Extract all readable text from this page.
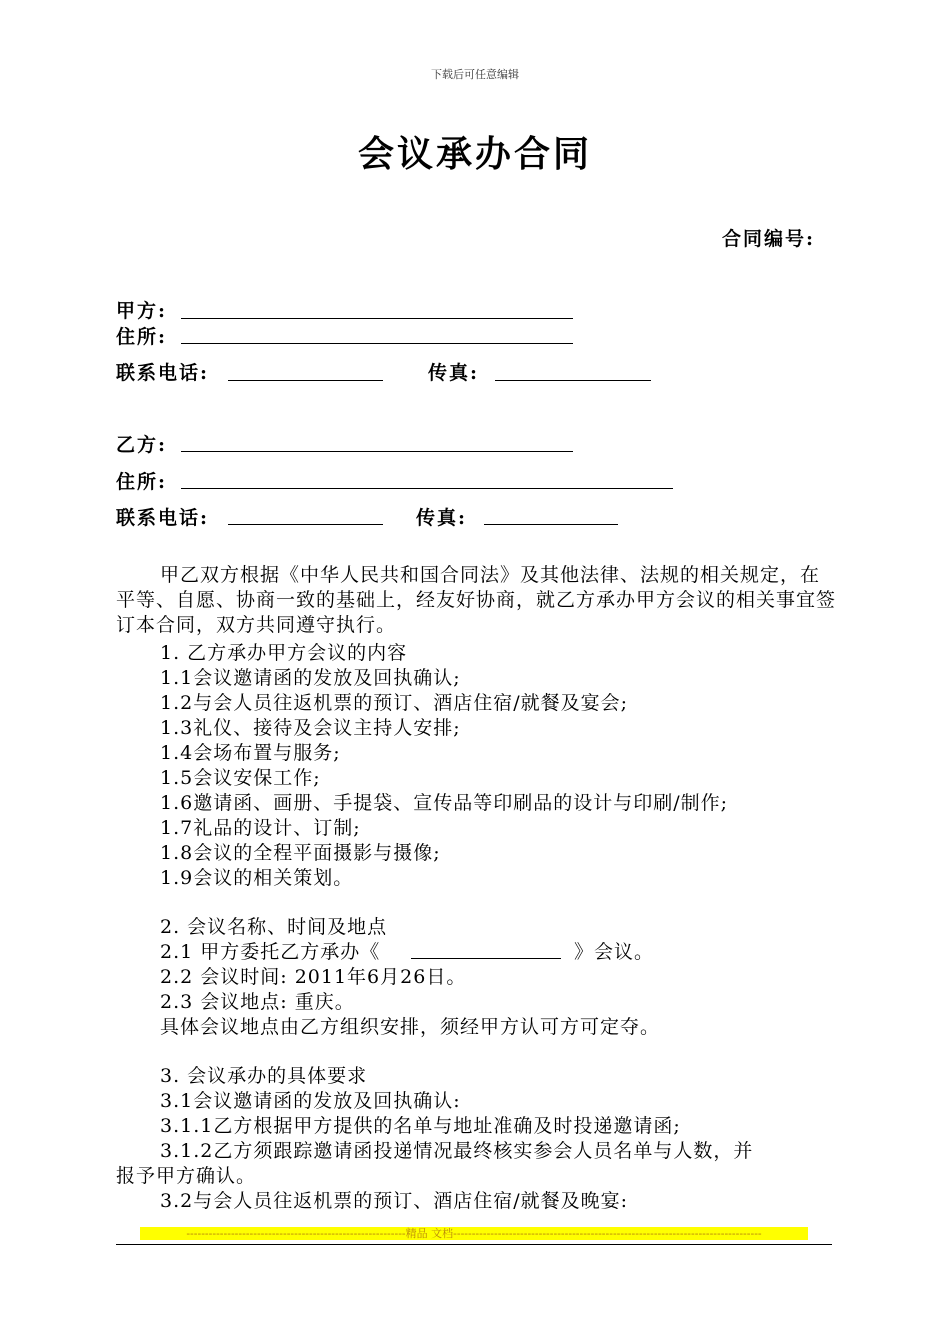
下载后可任意编辑
会议承办合同
合同编号:
甲方:
住所:
联系电话:	传真:
乙方:
住所:
联系电话:	传真:
甲乙双方根据《中华人民共和国合同法》及其他法律、法规的相关规定，在平等、自愿、协商一致的基础上，经友好协商，就乙方承办甲方会议的相关事宜签订本合同，双方共同遵守执行。
1. 乙方承办甲方会议的内容
1.1会议邀请函的发放及回执确认;
1.2与会人员往返机票的预订、酒店住宿/就餐及宴会;
1.3礼仪、接待及会议主持人安排;
1.4会场布置与服务;
1.5会议安保工作;
1.6邀请函、画册、手提袋、宣传品等印刷品的设计与印刷/制作;
1.7礼品的设计、订制;
1.8会议的全程平面摄影与摄像;
1.9会议的相关策划。
2. 会议名称、时间及地点
2.1 甲方委托乙方承办《	》会议。
2.2 会议时间: 2011年6月26日。
2.3 会议地点: 重庆。
具体会议地点由乙方组织安排，须经甲方认可方可定夺。
3. 会议承办的具体要求
3.1会议邀请函的发放及回执确认:
3.1.1乙方根据甲方提供的名单与地址准确及时投递邀请函;
3.1.2乙方须跟踪邀请函投递情况最终核实参会人员名单与人数，并
报予甲方确认。
3.2与会人员往返机票的预订、酒店住宿/就餐及晚宴:
-----------------------------------------------------------精品 文档-----------------------------------------------------------------------------------
